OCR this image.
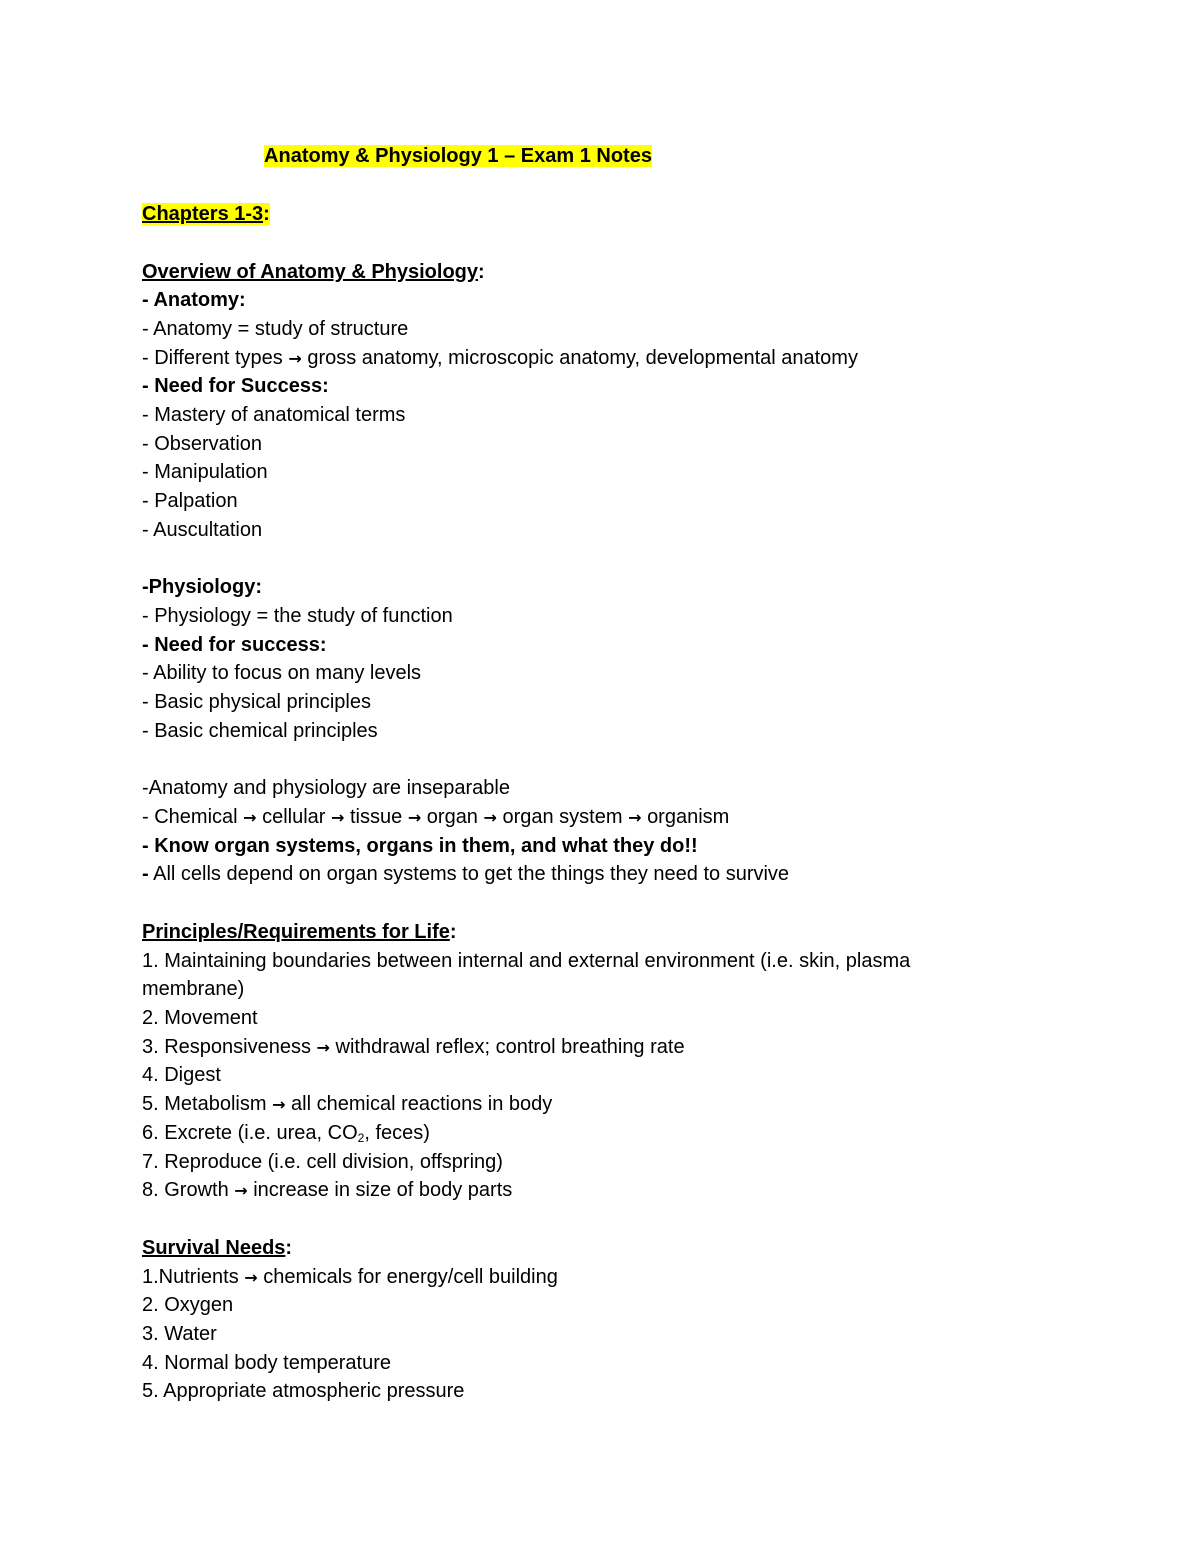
Anatomy & Physiology 1 – Exam 1 Notes
Chapters 1-3:
Overview of Anatomy & Physiology:
- Anatomy:
- Anatomy = study of structure
- Different types → gross anatomy, microscopic anatomy, developmental anatomy
- Need for Success:
- Mastery of anatomical terms
- Observation
- Manipulation
- Palpation
- Auscultation
-Physiology:
- Physiology = the study of function
- Need for success:
- Ability to focus on many levels
- Basic physical principles
- Basic chemical principles
-Anatomy and physiology are inseparable
- Chemical → cellular → tissue → organ → organ system → organism
- Know organ systems, organs in them, and what they do!!
- All cells depend on organ systems to get the things they need to survive
Principles/Requirements for Life:
1. Maintaining boundaries between internal and external environment (i.e. skin, plasma
membrane)
2. Movement
3. Responsiveness → withdrawal reflex; control breathing rate
4. Digest
5. Metabolism → all chemical reactions in body
6. Excrete (i.e. urea, $CO_2$, feces)
7. Reproduce (i.e. cell division, offspring)
8. Growth → increase in size of body parts
Survival Needs:
1.Nutrients → chemicals for energy/cell building
2. Oxygen
3. Water
4. Normal body temperature
5. Appropriate atmospheric pressure
